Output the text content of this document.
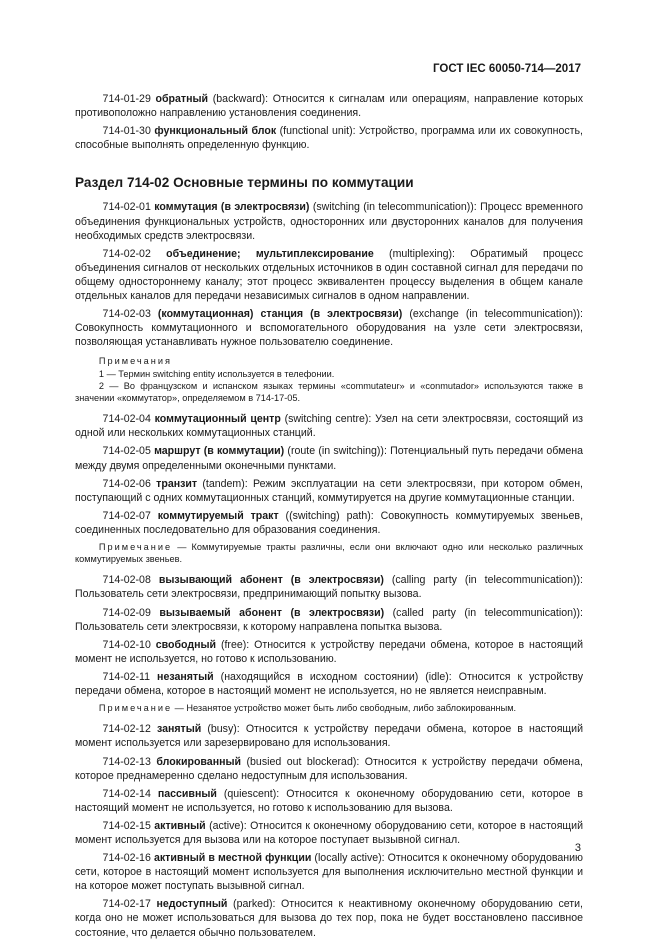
ГОСТ IEC 60050-714—2017

714-01-29 обратный (backward): Относится к сигналам или операциям, направление которых противоположно направлению установления соединения.

714-01-30 функциональный блок (functional unit): Устройство, программа или их совокупность, способные выполнять определенную функцию.

Раздел 714-02 Основные термины по коммутации

714-02-01 коммутация (в электросвязи) (switching (in telecommunication)): Процесс временного объединения функциональных устройств, односторонних или двусторонних каналов для получения необходимых средств электросвязи.

714-02-02 объединение; мультиплексирование (multiplexing): Обратимый процесс объединения сигналов от нескольких отдельных источников в один составной сигнал для передачи по общему одностороннему каналу; этот процесс эквивалентен процессу выделения в общем канале отдельных каналов для передачи независимых сигналов в одном направлении.

714-02-03 (коммутационная) станция (в электросвязи) (exchange (in telecommunication)): Совокупность коммутационного и вспомогательного оборудования на узле сети электросвязи, позволяющая устанавливать нужное пользователю соединение.

Примечания

1 — Термин switching entity используется в телефонии.

2 — Во французском и испанском языках термины «commutateur» и «conmutador» используются также в значении «коммутатор», определяемом в 714-17-05.

714-02-04 коммутационный центр (switching centre): Узел на сети электросвязи, состоящий из одной или нескольких коммутационных станций.

714-02-05 маршрут (в коммутации) (route (in switching)): Потенциальный путь передачи обмена между двумя определенными оконечными пунктами.

714-02-06 транзит (tandem): Режим эксплуатации на сети электросвязи, при котором обмен, поступающий с одних коммутационных станций, коммутируется на другие коммутационные станции.

714-02-07 коммутируемый тракт ((switching) path): Совокупность коммутируемых звеньев, соединенных последовательно для образования соединения.

Примечание — Коммутируемые тракты различны, если они включают одно или несколько различных коммутируемых звеньев.

714-02-08 вызывающий абонент (в электросвязи) (calling party (in telecommunication)): Пользователь сети электросвязи, предпринимающий попытку вызова.

714-02-09 вызываемый абонент (в электросвязи) (called party (in telecommunication)): Пользователь сети электросвязи, к которому направлена попытка вызова.

714-02-10 свободный (free): Относится к устройству передачи обмена, которое в настоящий момент не используется, но готово к использованию.

714-02-11 незанятый (находящийся в исходном состоянии) (idle): Относится к устройству передачи обмена, которое в настоящий момент не используется, но не является неисправным.

Примечание — Незанятое устройство может быть либо свободным, либо заблокированным.

714-02-12 занятый (busy): Относится к устройству передачи обмена, которое в настоящий момент используется или зарезервировано для использования.

714-02-13 блокированный (busied out blockerad): Относится к устройству передачи обмена, которое преднамеренно сделано недоступным для использования.

714-02-14 пассивный (quiescent): Относится к оконечному оборудованию сети, которое в настоящий момент не используется, но готово к использованию для вызова.

714-02-15 активный (active): Относится к оконечному оборудованию сети, которое в настоящий момент используется для вызова или на которое поступает вызывной сигнал.

714-02-16 активный в местной функции (locally active): Относится к оконечному оборудованию сети, которое в настоящий момент используется для выполнения исключительно местной функции и на которое может поступать вызывной сигнал.

714-02-17 недоступный (parked): Относится к неактивному оконечному оборудованию сети, когда оно не может использоваться для вызова до тех пор, пока не будет восстановлено пассивное состояние, что делается обычно пользователем.

3
